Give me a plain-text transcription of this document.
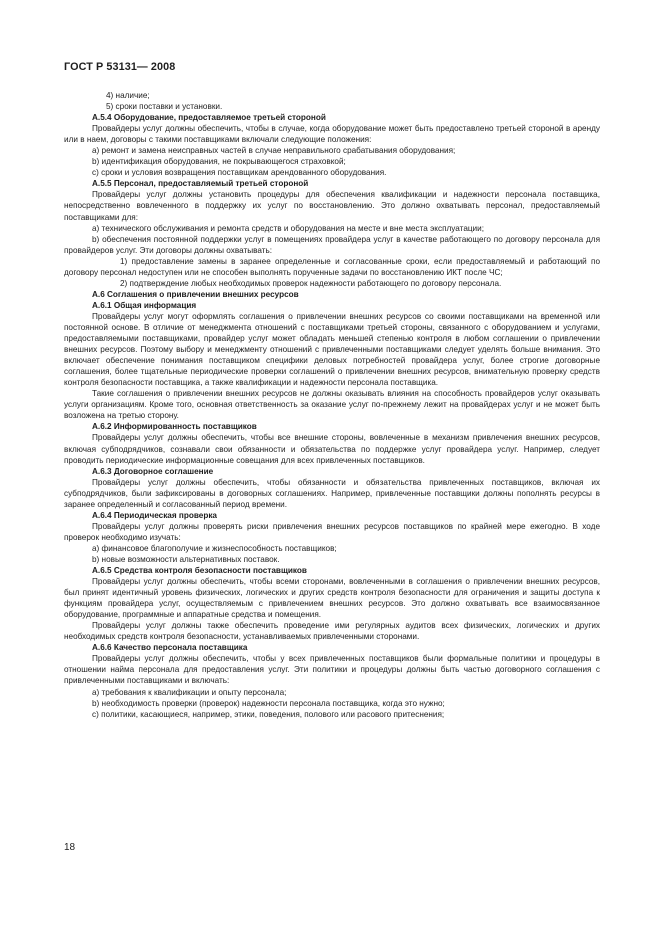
ГОСТ Р 53131— 2008

4) наличие;

5) сроки поставки и установки.

А.5.4 Оборудование, предоставляемое третьей стороной

Провайдеры услуг должны обеспечить, чтобы в случае, когда оборудование может быть предоставлено третьей стороной в аренду или в наем, договоры с такими поставщиками включали следующие положения:

а) ремонт и замена неисправных частей в случае неправильного срабатывания оборудования;

b) идентификация оборудования, не покрывающегося страховкой;

с) сроки и условия возвращения поставщикам арендованного оборудования.

А.5.5 Персонал, предоставляемый третьей стороной

Провайдеры услуг должны установить процедуры для обеспечения квалификации и надежности персонала поставщика, непосредственно вовлеченного в поддержку их услуг по восстановлению. Это должно охватывать персонал, предоставляемый поставщиками для:

а) технического обслуживания и ремонта средств и оборудования на месте и вне места эксплуатации;

b) обеспечения постоянной поддержки услуг в помещениях провайдера услуг в качестве работающего по договору персонала для провайдеров услуг. Эти договоры должны охватывать:

1) предоставление замены в заранее определенные и согласованные сроки, если предоставляемый и работающий по договору персонал недоступен или не способен выполнять порученные задачи по восстановлению ИКТ после ЧС;

2) подтверждение любых необходимых проверок надежности работающего по договору персонала.

А.6 Соглашения о привлечении внешних ресурсов

А.6.1 Общая информация

Провайдеры услуг могут оформлять соглашения о привлечении внешних ресурсов со своими поставщиками на временной или постоянной основе. В отличие от менеджмента отношений с поставщиками третьей стороны, связанного с оборудованием и услугами, предоставляемыми поставщиками, провайдер услуг может обладать меньшей степенью контроля в любом соглашении о привлечении внешних ресурсов. Поэтому выбору и менеджменту отношений с привлеченными поставщиками следует уделять больше внимания. Это включает обеспечение понимания поставщиком специфики деловых потребностей провайдера услуг, более строгие договорные соглашения, более тщательные периодические проверки соглашений о привлечении внешних ресурсов, внимательную проверку средств контроля безопасности поставщика, а также квалификации и надежности персонала поставщика.

Такие соглашения о привлечении внешних ресурсов не должны оказывать влияния на способность провайдеров услуг оказывать услуги организациям. Кроме того, основная ответственность за оказание услуг по-прежнему лежит на провайдерах услуг и не может быть возложена на третью сторону.

А.6.2 Информированность поставщиков

Провайдеры услуг должны обеспечить, чтобы все внешние стороны, вовлеченные в механизм привлечения внешних ресурсов, включая субподрядчиков, сознавали свои обязанности и обязательства по поддержке услуг провайдера услуг. Например, следует проводить периодические информационные совещания для всех привлеченных поставщиков.

А.6.3 Договорное соглашение

Провайдеры услуг должны обеспечить, чтобы обязанности и обязательства привлеченных поставщиков, включая их субподрядчиков, были зафиксированы в договорных соглашениях. Например, привлеченные поставщики должны пополнять ресурсы в заранее определенный и согласованный период времени.

А.6.4 Периодическая проверка

Провайдеры услуг должны проверять риски привлечения внешних ресурсов поставщиков по крайней мере ежегодно. В ходе проверок необходимо изучать:

а) финансовое благополучие и жизнеспособность поставщиков;

b) новые возможности альтернативных поставок.

А.6.5 Средства контроля безопасности поставщиков

Провайдеры услуг должны обеспечить, чтобы всеми сторонами, вовлеченными в соглашения о привлечении внешних ресурсов, был принят идентичный уровень физических, логических и других средств контроля безопасности для ограничения и защиты доступа к функциям провайдера услуг, осуществляемым с привлечением внешних ресурсов. Это должно охватывать все взаимосвязанное оборудование, программные и аппаратные средства и помещения.

Провайдеры услуг должны также обеспечить проведение ими регулярных аудитов всех физических, логических и других необходимых средств контроля безопасности, устанавливаемых привлеченными сторонами.

А.6.6 Качество персонала поставщика

Провайдеры услуг должны обеспечить, чтобы у всех привлеченных поставщиков были формальные политики и процедуры в отношении найма персонала для предоставления услуг. Эти политики и процедуры должны быть частью договорного соглашения с привлеченными поставщиками и включать:

а) требования к квалификации и опыту персонала;

b) необходимость проверки (проверок) надежности персонала поставщика, когда это нужно;

с) политики, касающиеся, например, этики, поведения, полового или расового притеснения;

18
